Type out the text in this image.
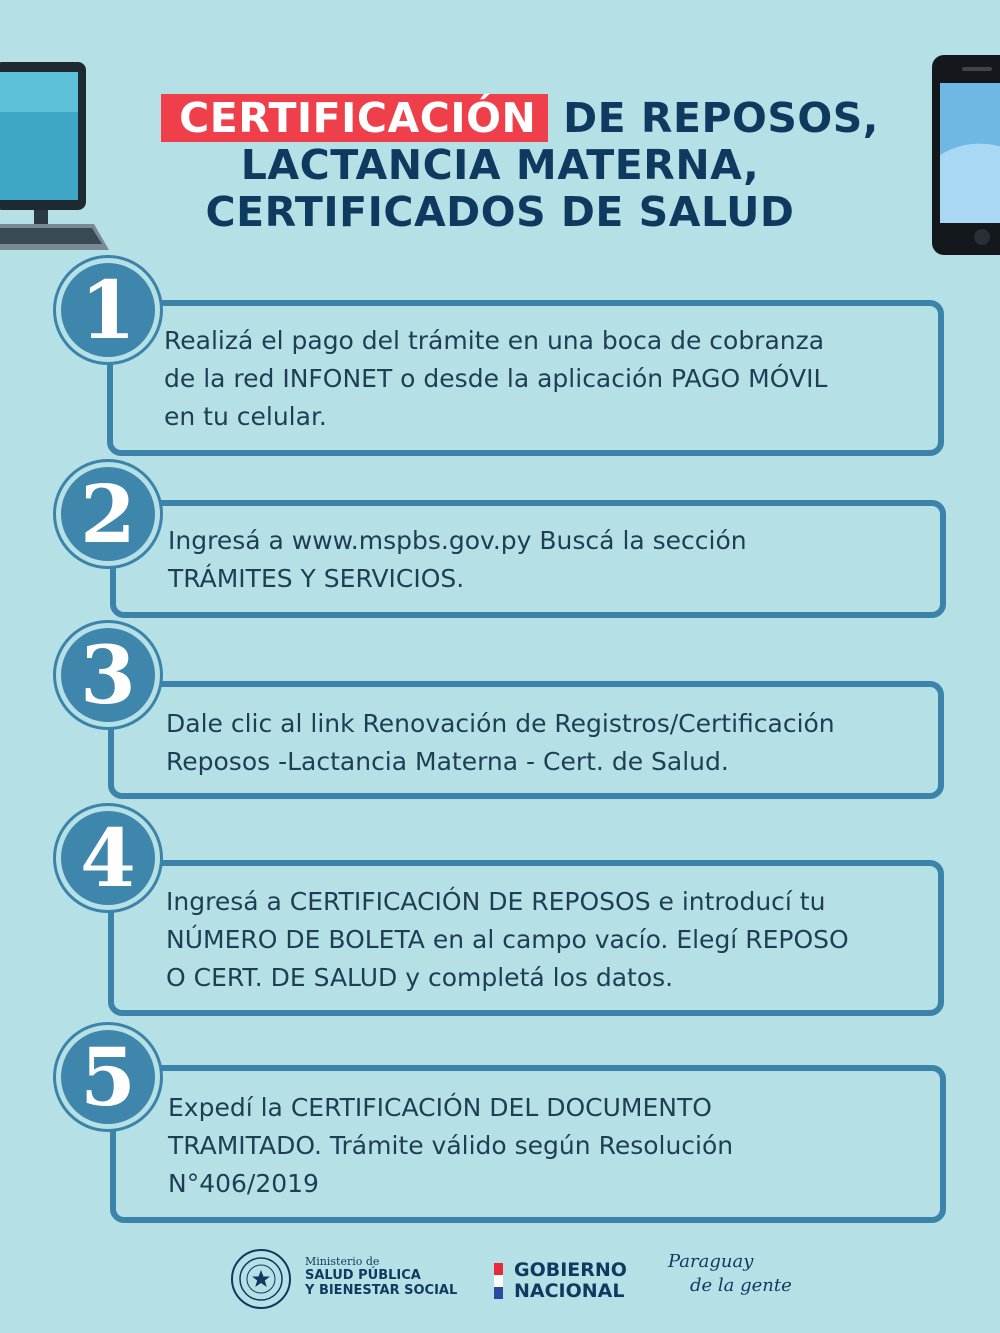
CERTIFICACIÓN DE REPOSOS,
LACTANCIA MATERNA,
CERTIFICADOS DE SALUD
Realizá el pago del trámite en una boca de cobranza
de la red INFONET o desde la aplicación PAGO MÓVIL
en tu celular.
1
Ingresá a www.mspbs.gov.py Buscá la sección
TRÁMITES Y SERVICIOS.
2
Dale clic al link Renovación de Registros/Certificación
Reposos -Lactancia Materna - Cert. de Salud.
3
Ingresá a CERTIFICACIÓN DE REPOSOS e introducí tu
NÚMERO DE BOLETA en al campo vacío. Elegí REPOSO
O CERT. DE SALUD y completá los datos.
4
Expedí la CERTIFICACIÓN DEL DOCUMENTO
TRAMITADO. Trámite válido según Resolución
N°406/2019
5
Ministerio de
SALUD PÚBLICA
Y BIENESTAR SOCIAL
GOBIERNO
NACIONAL
Paraguay
de la gente
